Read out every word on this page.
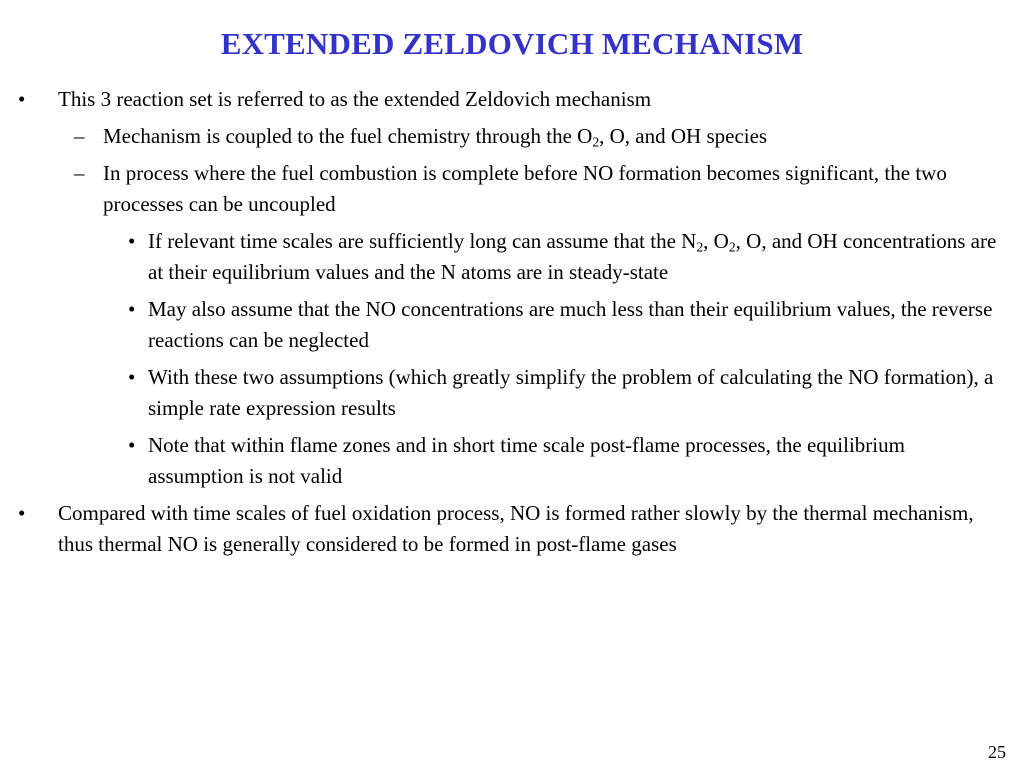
EXTENDED ZELDOVICH MECHANISM

• This 3 reaction set is referred to as the extended Zeldovich mechanism

– Mechanism is coupled to the fuel chemistry through the $O_2$, O, and OH species

– In process where the fuel combustion is complete before NO formation becomes significant, the two processes can be uncoupled

• If relevant time scales are sufficiently long can assume that the $N_2$, $O_2$, O, and OH concentrations are at their equilibrium values and the N atoms are in steady-state

• May also assume that the NO concentrations are much less than their equilibrium values, the reverse reactions can be neglected

• With these two assumptions (which greatly simplify the problem of calculating the NO formation), a simple rate expression results

• Note that within flame zones and in short time scale post-flame processes, the equilibrium assumption is not valid

• Compared with time scales of fuel oxidation process, NO is formed rather slowly by the thermal mechanism, thus thermal NO is generally considered to be formed in post-flame gases

25
